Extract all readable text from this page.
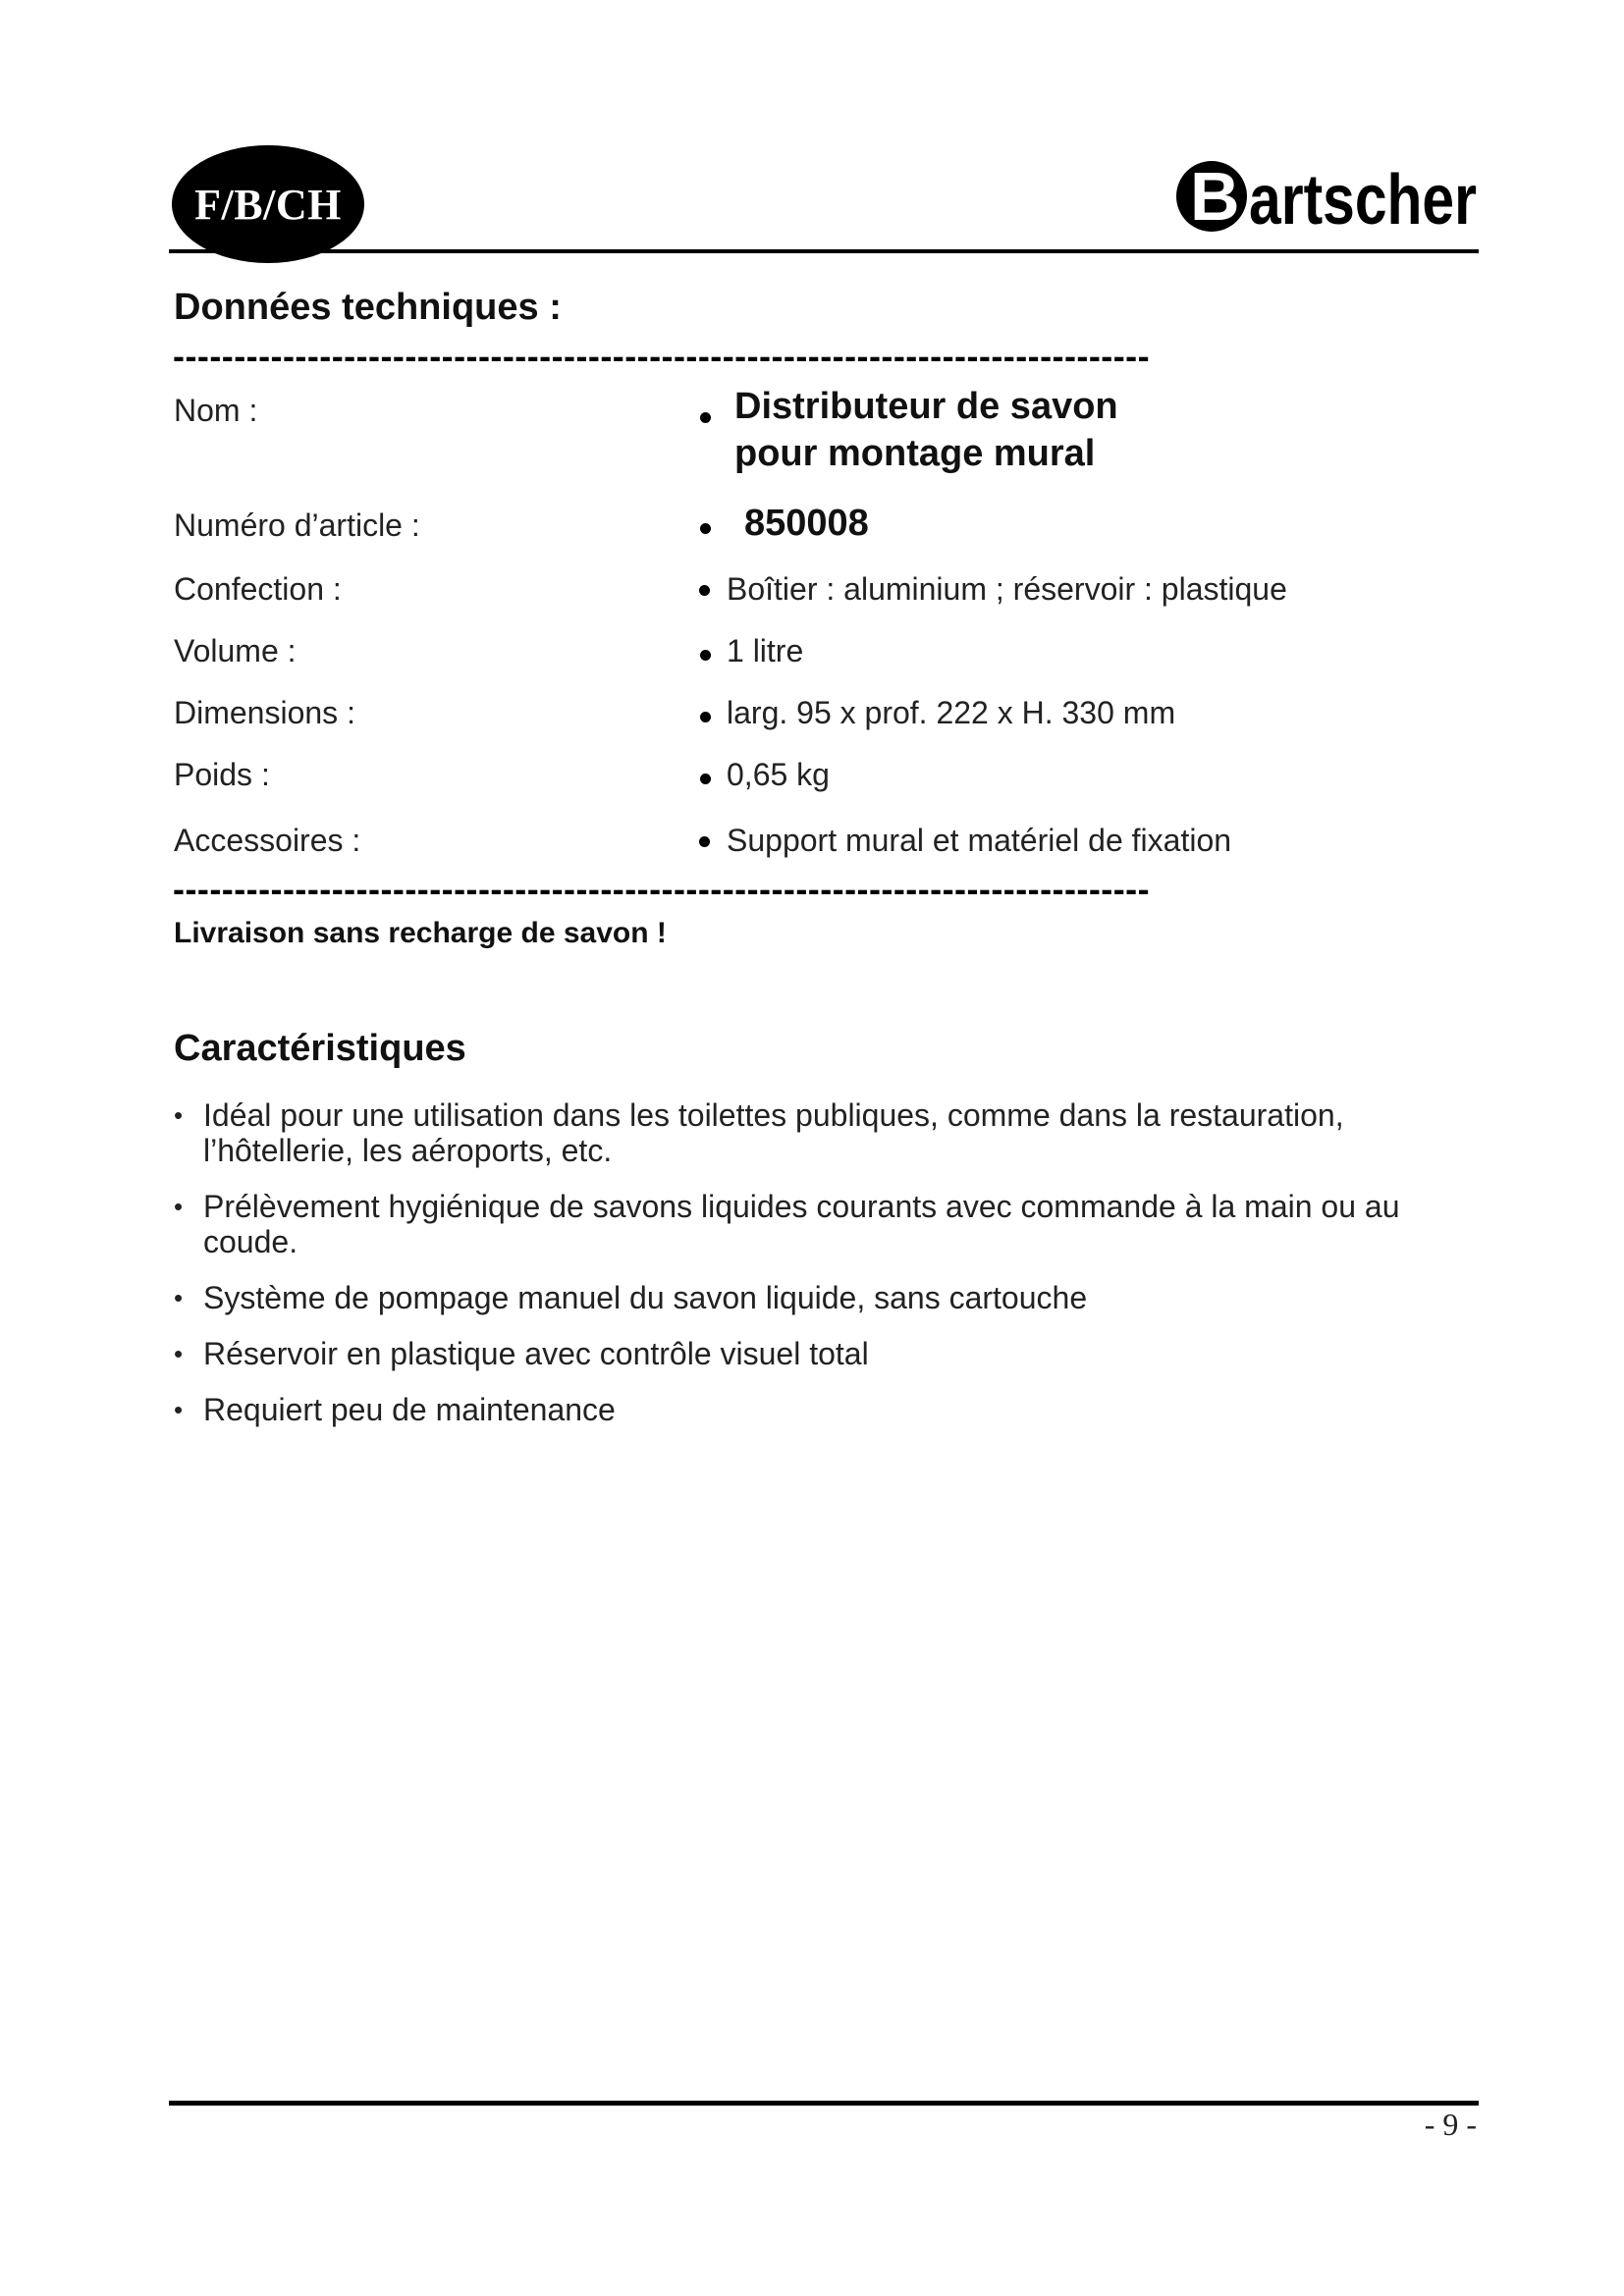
F/B/CH	B artscher
Données techniques :
--------------------------------------------------------------------------------
Nom :	Distributeur de savon
pour montage mural
Numéro d’article :	850008
Confection :	Boîtier : aluminium ; réservoir : plastique
Volume :	1 litre
Dimensions :	larg. 95 x prof. 222 x H. 330 mm
Poids :	0,65 kg
Accessoires :	Support mural et matériel de fixation
--------------------------------------------------------------------------------
Livraison sans recharge de savon !
Caractéristiques
• Idéal pour une utilisation dans les toilettes publiques, comme dans la restauration, l’hôtellerie, les aéroports, etc.
• Prélèvement hygiénique de savons liquides courants avec commande à la main ou au coude.
• Système de pompage manuel du savon liquide, sans cartouche
• Réservoir en plastique avec contrôle visuel total
• Requiert peu de maintenance
- 9 -
